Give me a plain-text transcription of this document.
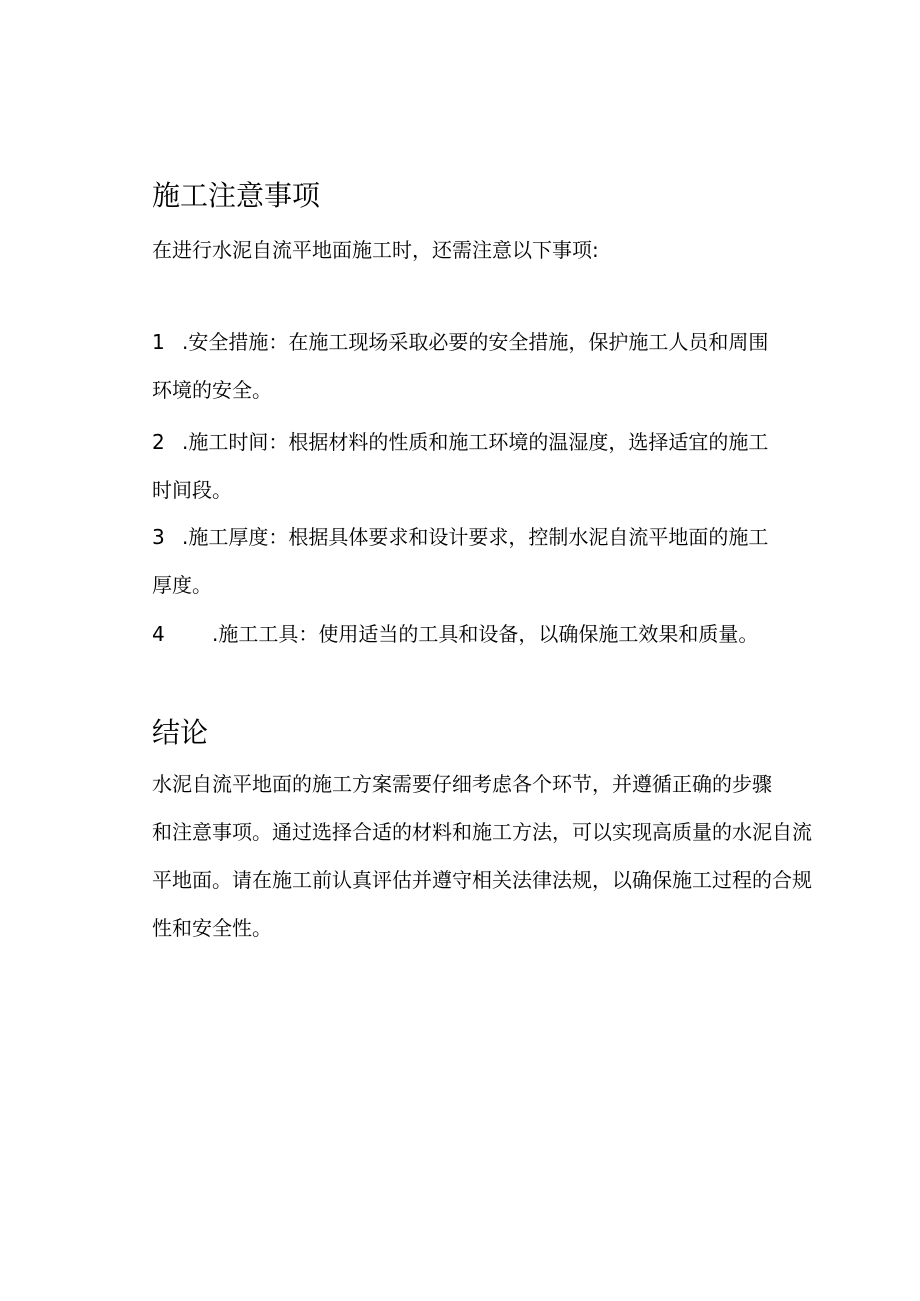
施工注意事项

在进行水泥自流平地面施工时，还需注意以下事项:

1 .安全措施：在施工现场采取必要的安全措施，保护施工人员和周围
环境的安全。
2 .施工时间：根据材料的性质和施工环境的温湿度，选择适宜的施工
时间段。
3 .施工厚度：根据具体要求和设计要求，控制水泥自流平地面的施工
厚度。
4 .施工工具：使用适当的工具和设备，以确保施工效果和质量。
结论
水泥自流平地面的施工方案需要仔细考虑各个环节，并遵循正确的步骤
和注意事项。通过选择合适的材料和施工方法，可以实现高质量的水泥自流
平地面。请在施工前认真评估并遵守相关法律法规，以确保施工过程的合规
性和安全性。
